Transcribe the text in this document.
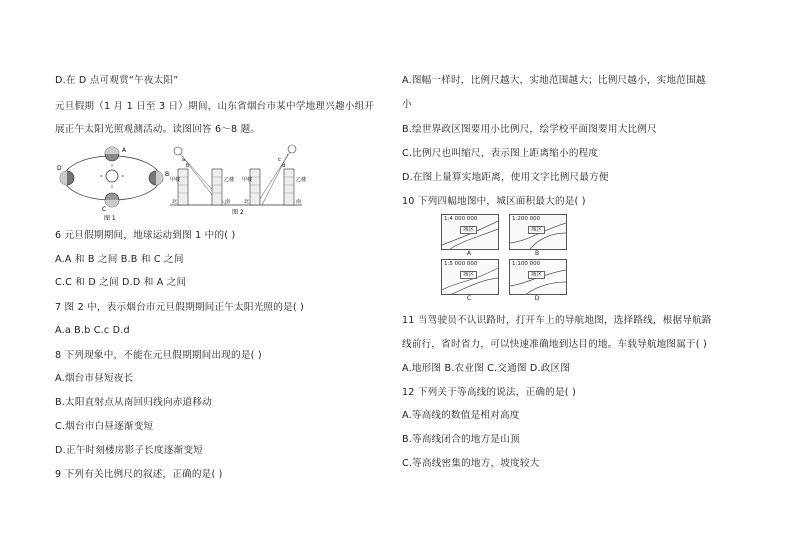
D.在 D 点可观赏“午夜太阳”
元旦假期（1 月 1 日至 3 日）期间，山东省烟台市某中学地理兴趣小组开
展正午太阳光照观测活动。读图回答 6～8 题。
A
B
C
D
图 1
a
b
c
d
甲楼	乙楼 甲楼	乙楼
北	南	北	南
图 2
6 元旦假期期间，地球运动到图 1 中的( )
A.A 和 B 之间 B.B 和 C 之间
C.C 和 D 之间 D.D 和 A 之间
7 图 2 中，表示烟台市元旦假期期间正午太阳光照的是( )
A.a B.b C.c D.d
8 下列现象中，不能在元旦假期期间出现的是( )
A.烟台市昼短夜长
B.太阳直射点从南回归线向赤道移动
C.烟台市白昼逐渐变短
D.正午时刻楼房影子长度逐渐变短
9 下列有关比例尺的叙述，正确的是( )
A.图幅一样时，比例尺越大，实地范围越大；比例尺越小，实地范围越
小
B.绘世界政区图要用小比例尺，绘学校平面图要用大比例尺
C.比例尺也叫缩尺，表示图上距离缩小的程度
D.在图上量算实地距离，使用文字比例尺最方便
10 下列四幅地图中，城区面积最大的是( )
1:4 000 000
城区
A
1:200 000
城区
B
1:5 000 000
城区
C
1:100 000
城区
D
11 当驾驶员不认识路时，打开车上的导航地图，选择路线，根据导航路
线前行，省时省力，可以快速准确地到达目的地。车载导航地图属于( )
A.地形图 B.农业图 C.交通图 D.政区图
12 下列关于等高线的说法，正确的是( )
A.等高线的数值是相对高度
B.等高线闭合的地方是山顶
C.等高线密集的地方，坡度较大
